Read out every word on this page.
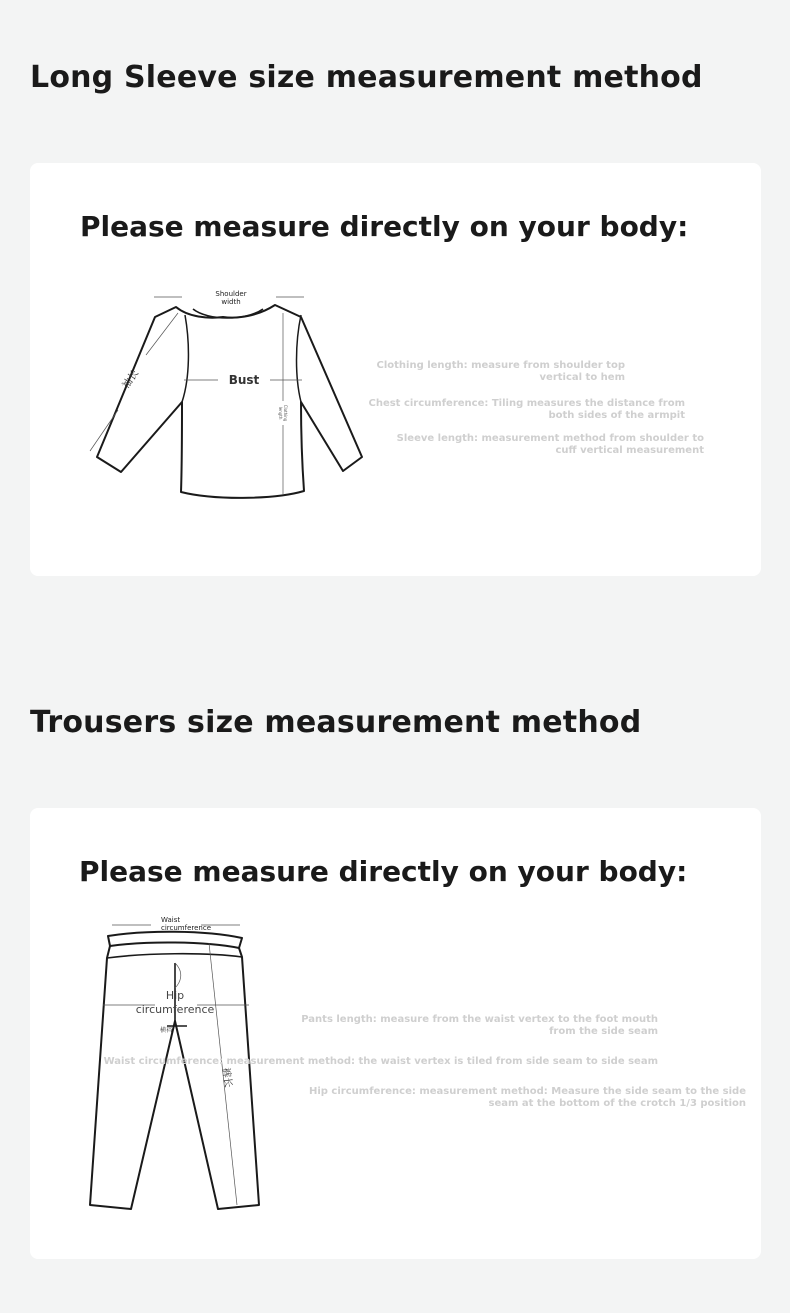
Long Sleeve size measurement method
Please measure directly on your body:
Shoulder
width
Bust
袖长
Clothing
length
Clothing length: measure from shoulder top
vertical to hem
Chest circumference: Tiling measures the distance from
both sides of the armpit
Sleeve length: measurement method from shoulder to
cuff vertical measurement
Trousers size measurement method
Please measure directly on your body:
Waist
circumference
Hip
circumference
横裆
裤长
Pants length: measure from the waist vertex to the foot mouth
from the side seam
Waist circumference: measurement method: the waist vertex is tiled from side seam to side seam
Hip circumference: measurement method: Measure the side seam to the side
seam at the bottom of the crotch 1/3 position
